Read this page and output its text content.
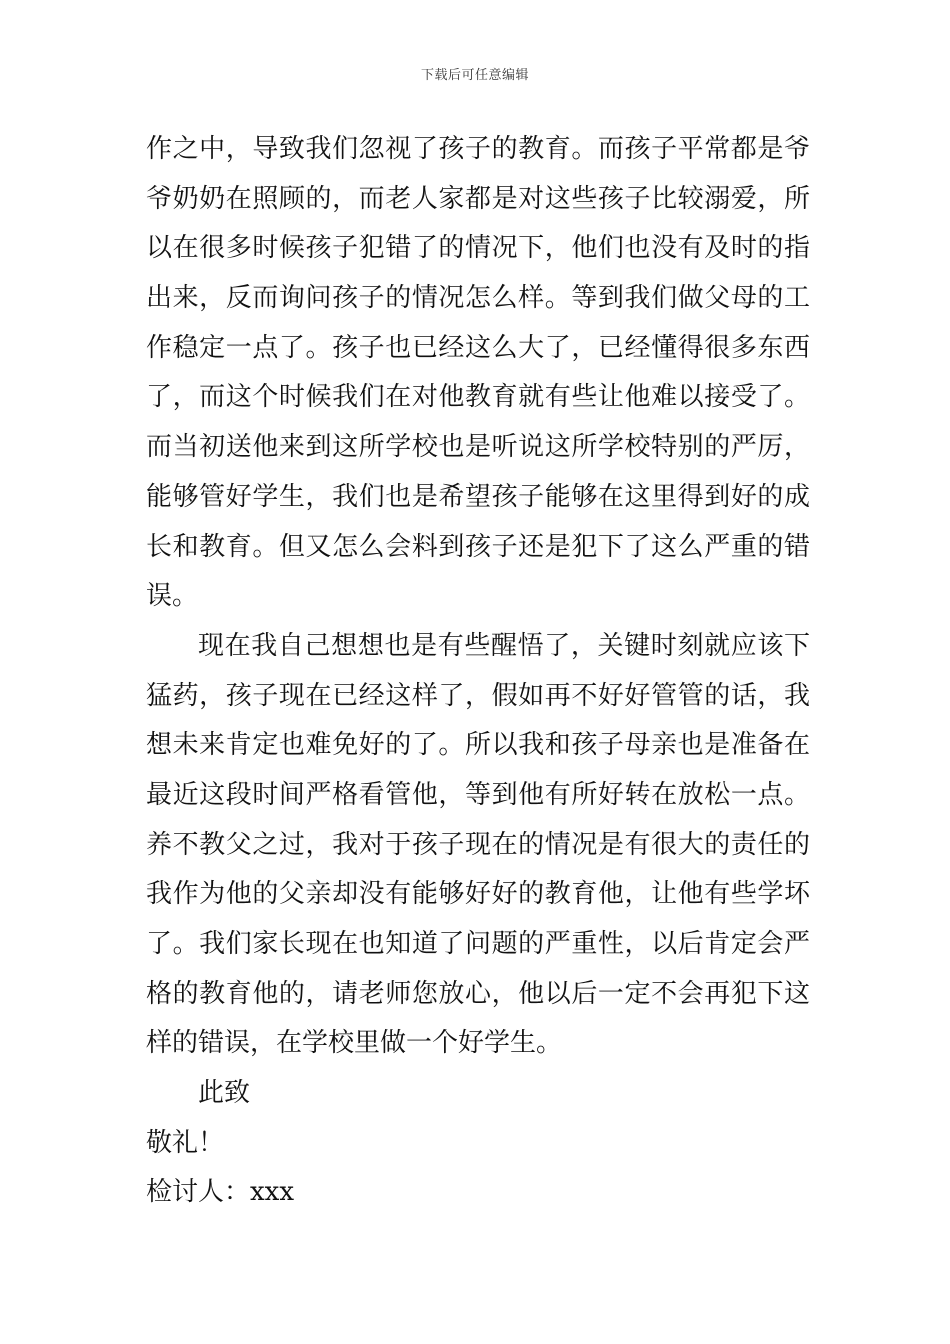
下载后可任意编辑
作之中，导致我们忽视了孩子的教育。而孩子平常都是爷
爷奶奶在照顾的，而老人家都是对这些孩子比较溺爱，所
以在很多时候孩子犯错了的情况下，他们也没有及时的指
出来，反而询问孩子的情况怎么样。等到我们做父母的工
作稳定一点了。孩子也已经这么大了，已经懂得很多东西
了，而这个时候我们在对他教育就有些让他难以接受了。
而当初送他来到这所学校也是听说这所学校特别的严厉，
能够管好学生，我们也是希望孩子能够在这里得到好的成
长和教育。但又怎么会料到孩子还是犯下了这么严重的错
误。
现在我自己想想也是有些醒悟了，关键时刻就应该下
猛药，孩子现在已经这样了，假如再不好好管管的话，我
想未来肯定也难免好的了。所以我和孩子母亲也是准备在
最近这段时间严格看管他，等到他有所好转在放松一点。
养不教父之过，我对于孩子现在的情况是有很大的责任的
我作为他的父亲却没有能够好好的教育他，让他有些学坏
了。我们家长现在也知道了问题的严重性，以后肯定会严
格的教育他的，请老师您放心，他以后一定不会再犯下这
样的错误，在学校里做一个好学生。
此致
敬礼！
检讨人：xxx
